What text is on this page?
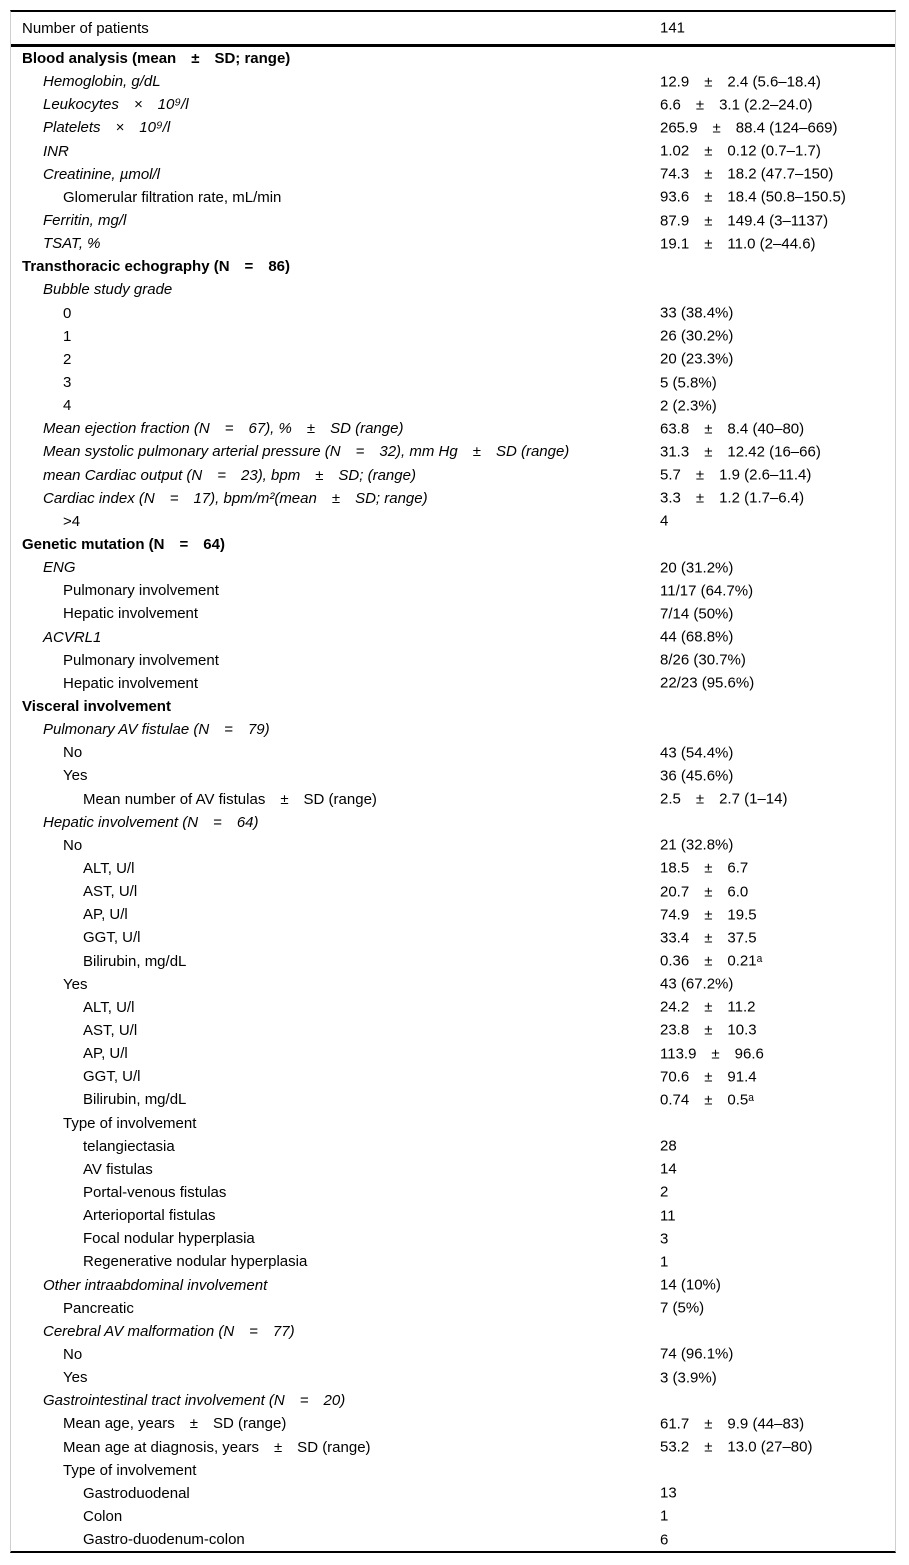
Number of patients	141
Blood analysis (mean ± SD; range)
Hemoglobin, g/dL	12.9 ± 2.4 (5.6–18.4)
Leukocytes × 10⁹/l	6.6 ± 3.1 (2.2–24.0)
Platelets × 10⁹/l	265.9 ± 88.4 (124–669)
INR	1.02 ± 0.12 (0.7–1.7)
Creatinine, µmol/l	74.3 ± 18.2 (47.7–150)
Glomerular filtration rate, mL/min	93.6 ± 18.4 (50.8–150.5)
Ferritin, mg/l	87.9 ± 149.4 (3–1137)
TSAT, %	19.1 ± 11.0 (2–44.6)
Transthoracic echography (N = 86)
Bubble study grade
0	33 (38.4%)
1	26 (30.2%)
2	20 (23.3%)
3	5 (5.8%)
4	2 (2.3%)
Mean ejection fraction (N = 67), % ± SD (range)	63.8 ± 8.4 (40–80)
Mean systolic pulmonary arterial pressure (N = 32), mm Hg ± SD (range)	31.3 ± 12.42 (16–66)
mean Cardiac output (N = 23), bpm ± SD; (range)	5.7 ± 1.9 (2.6–11.4)
Cardiac index (N = 17), bpm/m²(mean ± SD; range)	3.3 ± 1.2 (1.7–6.4)
>4	4
Genetic mutation (N = 64)
ENG	20 (31.2%)
Pulmonary involvement	11/17 (64.7%)
Hepatic involvement	7/14 (50%)
ACVRL1	44 (68.8%)
Pulmonary involvement	8/26 (30.7%)
Hepatic involvement	22/23 (95.6%)
Visceral involvement
Pulmonary AV fistulae (N = 79)
No	43 (54.4%)
Yes	36 (45.6%)
Mean number of AV fistulas ± SD (range)	2.5 ± 2.7 (1–14)
Hepatic involvement (N = 64)
No	21 (32.8%)
ALT, U/l	18.5 ± 6.7
AST, U/l	20.7 ± 6.0
AP, U/l	74.9 ± 19.5
GGT, U/l	33.4 ± 37.5
Bilirubin, mg/dL	0.36 ± 0.21ᵃ
Yes	43 (67.2%)
ALT, U/l	24.2 ± 11.2
AST, U/l	23.8 ± 10.3
AP, U/l	113.9 ± 96.6
GGT, U/l	70.6 ± 91.4
Bilirubin, mg/dL	0.74 ± 0.5ᵃ
Type of involvement
telangiectasia	28
AV fistulas	14
Portal-venous fistulas	2
Arterioportal fistulas	11
Focal nodular hyperplasia	3
Regenerative nodular hyperplasia	1
Other intraabdominal involvement	14 (10%)
Pancreatic	7 (5%)
Cerebral AV malformation (N = 77)
No	74 (96.1%)
Yes	3 (3.9%)
Gastrointestinal tract involvement (N = 20)
Mean age, years ± SD (range)	61.7 ± 9.9 (44–83)
Mean age at diagnosis, years ± SD (range)	53.2 ± 13.0 (27–80)
Type of involvement
Gastroduodenal	13
Colon	1
Gastro-duodenum-colon	6
